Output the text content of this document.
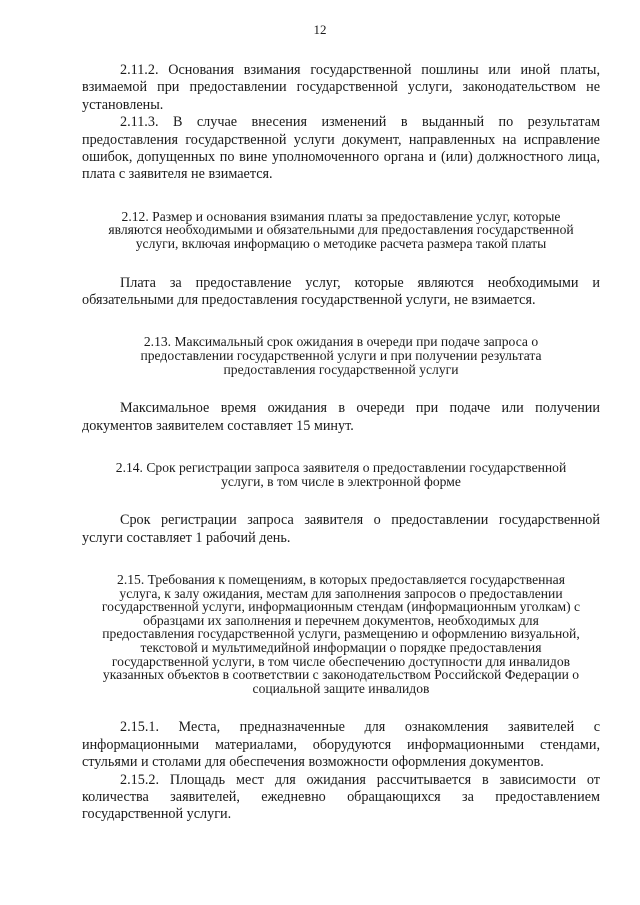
12

2.11.2. Основания взимания государственной пошлины или иной платы, взимаемой при предоставлении государственной услуги, законодательством не установлены.

2.11.3. В случае внесения изменений в выданный по результатам предоставления государственной услуги документ, направленных на исправление ошибок, допущенных по вине уполномоченного органа и (или) должностного лица, плата с заявителя не взимается.

2.12. Размер и основания взимания платы за предоставление услуг, которые являются необходимыми и обязательными для предоставления государственной услуги, включая информацию о методике расчета размера такой платы

Плата за предоставление услуг, которые являются необходимыми и обязательными для предоставления государственной услуги, не взимается.

2.13. Максимальный срок ожидания в очереди при подаче запроса о предоставлении государственной услуги и при получении результата предоставления государственной услуги

Максимальное время ожидания в очереди при подаче или получении документов заявителем составляет 15 минут.

2.14. Срок регистрации запроса заявителя о предоставлении государственной услуги, в том числе в электронной форме

Срок регистрации запроса заявителя о предоставлении государственной услуги составляет 1 рабочий день.

2.15. Требования к помещениям, в которых предоставляется государственная услуга, к залу ожидания, местам для заполнения запросов о предоставлении государственной услуги, информационным стендам (информационным уголкам) с образцами их заполнения и перечнем документов, необходимых для предоставления государственной услуги, размещению и оформлению визуальной, текстовой и мультимедийной информации о порядке предоставления государственной услуги, в том числе обеспечению доступности для инвалидов указанных объектов в соответствии с законодательством Российской Федерации о социальной защите инвалидов

2.15.1. Места, предназначенные для ознакомления заявителей с информационными материалами, оборудуются информационными стендами, стульями и столами для обеспечения возможности оформления документов.

2.15.2. Площадь мест для ожидания рассчитывается в зависимости от количества заявителей, ежедневно обращающихся за предоставлением государственной услуги.
